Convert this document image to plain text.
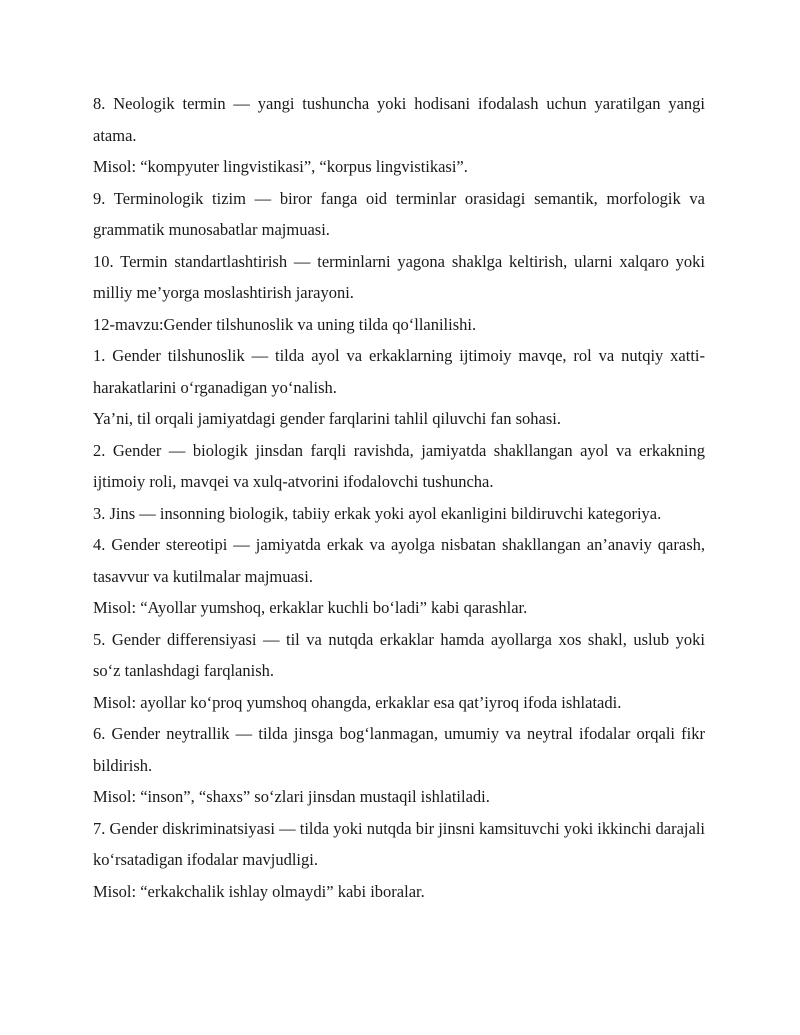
8. Neologik termin — yangi tushuncha yoki hodisani ifodalash uchun yaratilgan yangi atama.

Misol: “kompyuter lingvistikasi”, “korpus lingvistikasi”.

9. Terminologik tizim — biror fanga oid terminlar orasidagi semantik, morfologik va grammatik munosabatlar majmuasi.

10. Termin standartlashtirish — terminlarni yagona shaklga keltirish, ularni xalqaro yoki milliy me’yorga moslashtirish jarayoni.

12-mavzu:Gender tilshunoslik va uning tilda qo‘llanilishi.

1. Gender tilshunoslik — tilda ayol va erkaklarning ijtimoiy mavqe, rol va nutqiy xatti-harakatlarini o‘rganadigan yo‘nalish.

Ya’ni, til orqali jamiyatdagi gender farqlarini tahlil qiluvchi fan sohasi.

2. Gender — biologik jinsdan farqli ravishda, jamiyatda shakllangan ayol va erkakning ijtimoiy roli, mavqei va xulq-atvorini ifodalovchi tushuncha.

3. Jins — insonning biologik, tabiiy erkak yoki ayol ekanligini bildiruvchi kategoriya.

4. Gender stereotipi — jamiyatda erkak va ayolga nisbatan shakllangan an’anaviy qarash, tasavvur va kutilmalar majmuasi.

Misol: “Ayollar yumshoq, erkaklar kuchli bo‘ladi” kabi qarashlar.

5. Gender differensiyasi — til va nutqda erkaklar hamda ayollarga xos shakl, uslub yoki so‘z tanlashdagi farqlanish.

Misol: ayollar ko‘proq yumshoq ohangda, erkaklar esa qat’iyroq ifoda ishlatadi.

6. Gender neytrallik — tilda jinsga bog‘lanmagan, umumiy va neytral ifodalar orqali fikr bildirish.

Misol: “inson”, “shaxs” so‘zlari jinsdan mustaqil ishlatiladi.

7. Gender diskriminatsiyasi — tilda yoki nutqda bir jinsni kamsituvchi yoki ikkinchi darajali ko‘rsatadigan ifodalar mavjudligi.

Misol: “erkakchalik ishlay olmaydi” kabi iboralar.
